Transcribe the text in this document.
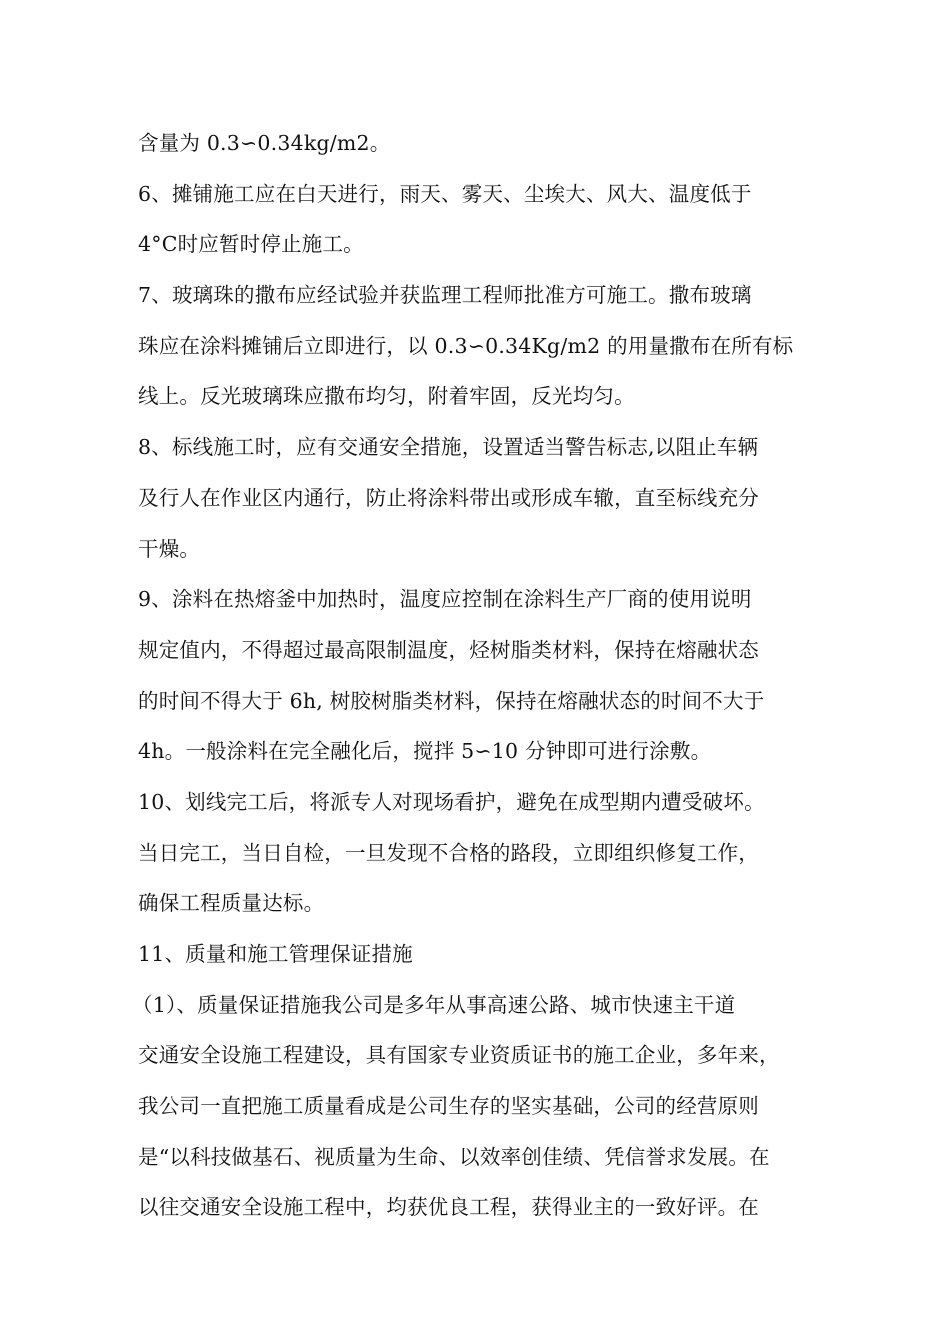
含量为 0.3∽0.34kg/m2。
6、摊铺施工应在白天进行，雨天、雾天、尘埃大、风大、温度低于
4°C时应暂时停止施工。
7、玻璃珠的撒布应经试验并获监理工程师批准方可施工。撒布玻璃
珠应在涂料摊铺后立即进行，以 0.3∽0.34Kg/m2 的用量撒布在所有标
线上。反光玻璃珠应撒布均匀，附着牢固，反光均匀。
8、标线施工时，应有交通安全措施，设置适当警告标志,以阻止车辆
及行人在作业区内通行，防止将涂料带出或形成车辙，直至标线充分
干燥。
9、涂料在热熔釜中加热时，温度应控制在涂料生产厂商的使用说明
规定值内，不得超过最高限制温度，烃树脂类材料，保持在熔融状态
的时间不得大于 6h, 树胶树脂类材料，保持在熔融状态的时间不大于
4h。一般涂料在完全融化后，搅拌 5∽10 分钟即可进行涂敷。
10、划线完工后，将派专人对现场看护，避免在成型期内遭受破坏。
当日完工，当日自检，一旦发现不合格的路段，立即组织修复工作，
确保工程质量达标。
11、质量和施工管理保证措施
（1）、质量保证措施我公司是多年从事高速公路、城市快速主干道
交通安全设施工程建设，具有国家专业资质证书的施工企业，多年来，
我公司一直把施工质量看成是公司生存的坚实基础，公司的经营原则
是“以科技做基石、视质量为生命、以效率创佳绩、凭信誉求发展。在
以往交通安全设施工程中，均获优良工程，获得业主的一致好评。在
